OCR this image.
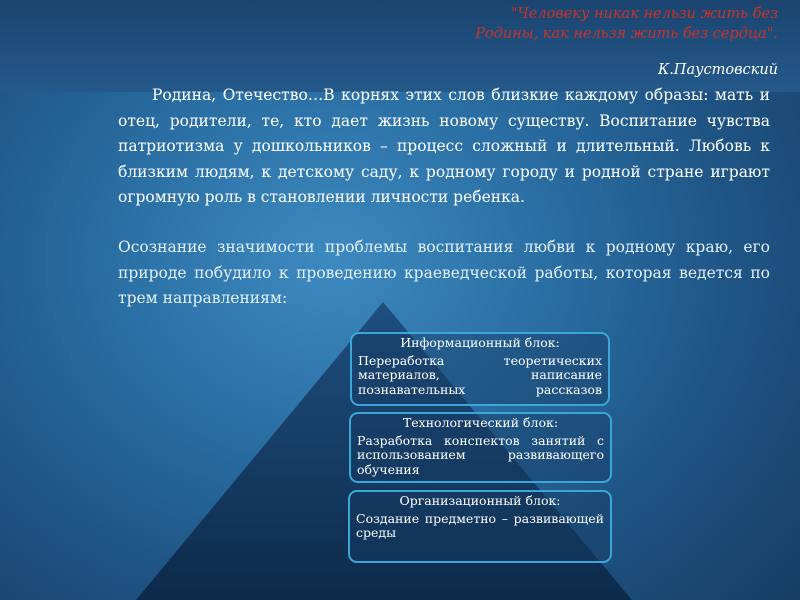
"Человеку никак нельзи жить без
Родины, как нельзя жить без сердца".
К.Паустовский
Родина, Отечество…В корнях этих слов близкие каждому образы: мать и отец, родители, те, кто дает жизнь новому существу. Воспитание чувства патриотизма у дошкольников – процесс сложный и длительный. Любовь к близким людям, к детскому саду, к родному городу и родной стране играют огромную роль в становлении личности ребенка.
Осознание значимости проблемы воспитания любви к родному краю, его природе побудило к проведению краеведческой работы, которая ведется по трем направлениям:
Информационный блок:
Переработка теоретических материалов, написание познавательных рассказов
Технологический блок:
Разработка конспектов занятий с использованием развивающего обучения
Организационный блок:
Создание предметно – развивающей среды
